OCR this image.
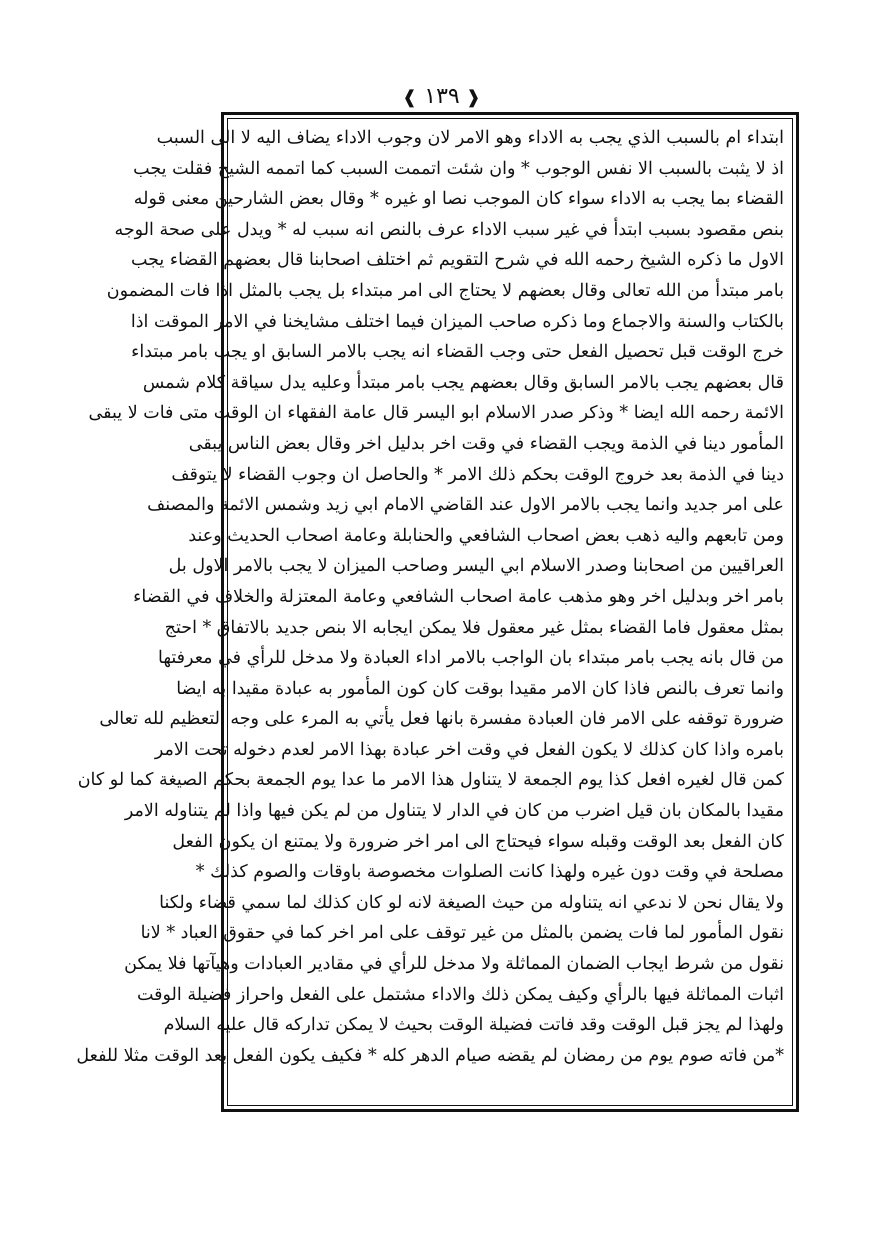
❰ ١٣٩ ❱
ابتداء ام بالسبب الذي يجب به الاداء وهو الامر لان وجوب الاداء يضاف اليه لا الى السبب
اذ لا يثبت بالسبب الا نفس الوجوب * وان شئت اتممت السبب كما اتممه الشيخ فقلت يجب
القضاء بما يجب به الاداء سواء كان الموجب نصا او غيره * وقال بعض الشارحين معنى قوله
بنص مقصود بسبب ابتدأ في غير سبب الاداء عرف بالنص انه سبب له * ويدل على صحة الوجه
الاول ما ذكره الشيخ رحمه الله في شرح التقويم ثم اختلف اصحابنا قال بعضهم القضاء يجب
بامر مبتدأ من الله تعالى وقال بعضهم لا يحتاج الى امر مبتداء بل يجب بالمثل اذا فات المضمون
بالكتاب والسنة والاجماع وما ذكره صاحب الميزان فيما اختلف مشايخنا في الامر الموقت اذا
خرج الوقت قبل تحصيل الفعل حتى وجب القضاء انه يجب بالامر السابق او يجب بامر مبتداء
قال بعضهم يجب بالامر السابق وقال بعضهم يجب بامر مبتدأ وعليه يدل سياقة كلام شمس
الائمة رحمه الله ايضا * وذكر صدر الاسلام ابو اليسر قال عامة الفقهاء ان الوقت متى فات لا يبقى
المأمور دينا في الذمة ويجب القضاء في وقت اخر بدليل اخر وقال بعض الناس يبقى
دينا في الذمة بعد خروج الوقت بحكم ذلك الامر * والحاصل ان وجوب القضاء لا يتوقف
على امر جديد وانما يجب بالامر الاول عند القاضي الامام ابي زيد وشمس الائمة والمصنف
ومن تابعهم واليه ذهب بعض اصحاب الشافعي والحنابلة وعامة اصحاب الحديث وعند
العراقيين من اصحابنا وصدر الاسلام ابي اليسر وصاحب الميزان لا يجب بالامر الاول بل
بامر اخر وبدليل اخر وهو مذهب عامة اصحاب الشافعي وعامة المعتزلة والخلاف في القضاء
بمثل معقول فاما القضاء بمثل غير معقول فلا يمكن ايجابه الا بنص جديد بالاتفاق * احتج
من قال بانه يجب بامر مبتداء بان الواجب بالامر اداء العبادة ولا مدخل للرأي في معرفتها
وانما تعرف بالنص فاذا كان الامر مقيدا بوقت كان كون المأمور به عبادة مقيدا به ايضا
ضرورة توقفه على الامر فان العبادة مفسرة بانها فعل يأتي به المرء على وجه التعظيم لله تعالى
بامره واذا كان كذلك لا يكون الفعل في وقت اخر عبادة بهذا الامر لعدم دخوله تحت الامر
كمن قال لغيره افعل كذا يوم الجمعة لا يتناول هذا الامر ما عدا يوم الجمعة بحكم الصيغة كما لو كان
مقيدا بالمكان بان قيل اضرب من كان في الدار لا يتناول من لم يكن فيها واذا لم يتناوله الامر
كان الفعل بعد الوقت وقبله سواء فيحتاج الى امر اخر ضرورة ولا يمتنع ان يكون الفعل
مصلحة في وقت دون غيره ولهذا كانت الصلوات مخصوصة باوقات والصوم كذلك *
ولا يقال نحن لا ندعي انه يتناوله من حيث الصيغة لانه لو كان كذلك لما سمي قضاء ولكنا
نقول المأمور لما فات يضمن بالمثل من غير توقف على امر اخر كما في حقوق العباد * لانا
نقول من شرط ايجاب الضمان المماثلة ولا مدخل للرأي في مقادير العبادات وهيآتها فلا يمكن
اثبات المماثلة فيها بالرأي وكيف يمكن ذلك والاداء مشتمل على الفعل واحراز فضيلة الوقت
ولهذا لم يجز قبل الوقت وقد فاتت فضيلة الوقت بحيث لا يمكن تداركه قال عليه السلام
*من فاته صوم يوم من رمضان لم يقضه صيام الدهر كله * فكيف يكون الفعل بعد الوقت مثلا للفعل
